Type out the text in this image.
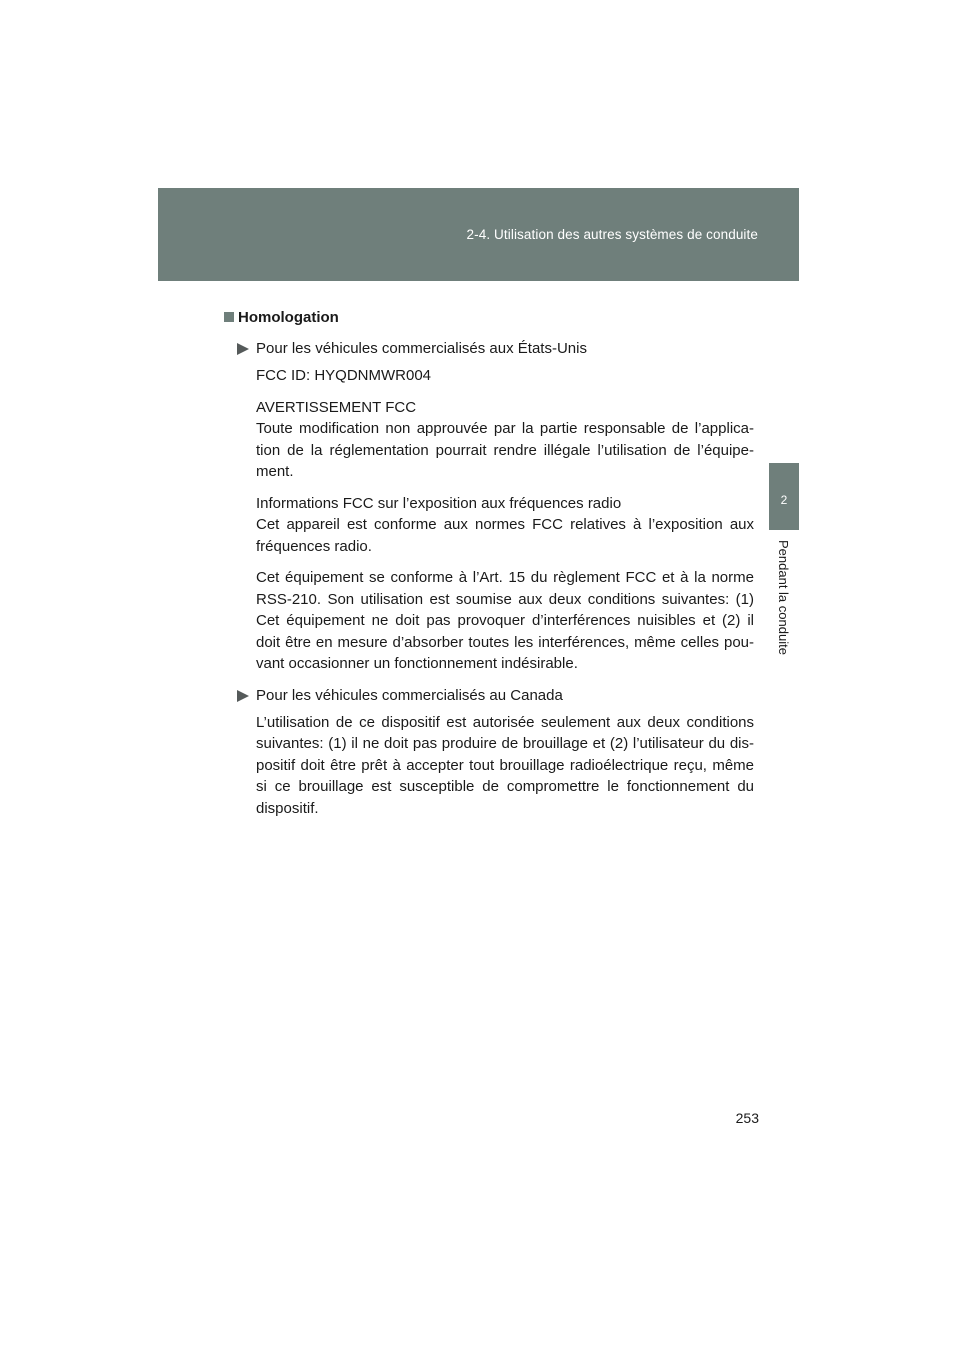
2-4. Utilisation des autres systèmes de conduite
2
Pendant la conduite
Homologation
Pour les véhicules commercialisés aux États-Unis
FCC ID: HYQDNMWR004
AVERTISSEMENT FCC
Toute modification non approuvée par la partie responsable de l’applica-tion de la réglementation pourrait rendre illégale l’utilisation de l’équipe-ment.
Informations FCC sur l’exposition aux fréquences radio
Cet appareil est conforme aux normes FCC relatives à l’exposition aux fréquences radio.
Cet équipement se conforme à l’Art. 15 du règlement FCC et à la norme RSS-210. Son utilisation est soumise aux deux conditions suivantes: (1) Cet équipement ne doit pas provoquer d’interférences nuisibles et (2) il doit être en mesure d’absorber toutes les interférences, même celles pou-vant occasionner un fonctionnement indésirable.
Pour les véhicules commercialisés au Canada
L’utilisation de ce dispositif est autorisée seulement aux deux conditions suivantes: (1) il ne doit pas produire de brouillage et (2) l’utilisateur du dis-positif doit être prêt à accepter tout brouillage radioélectrique reçu, même si ce brouillage est susceptible de compromettre le fonctionnement du dispositif.
253
